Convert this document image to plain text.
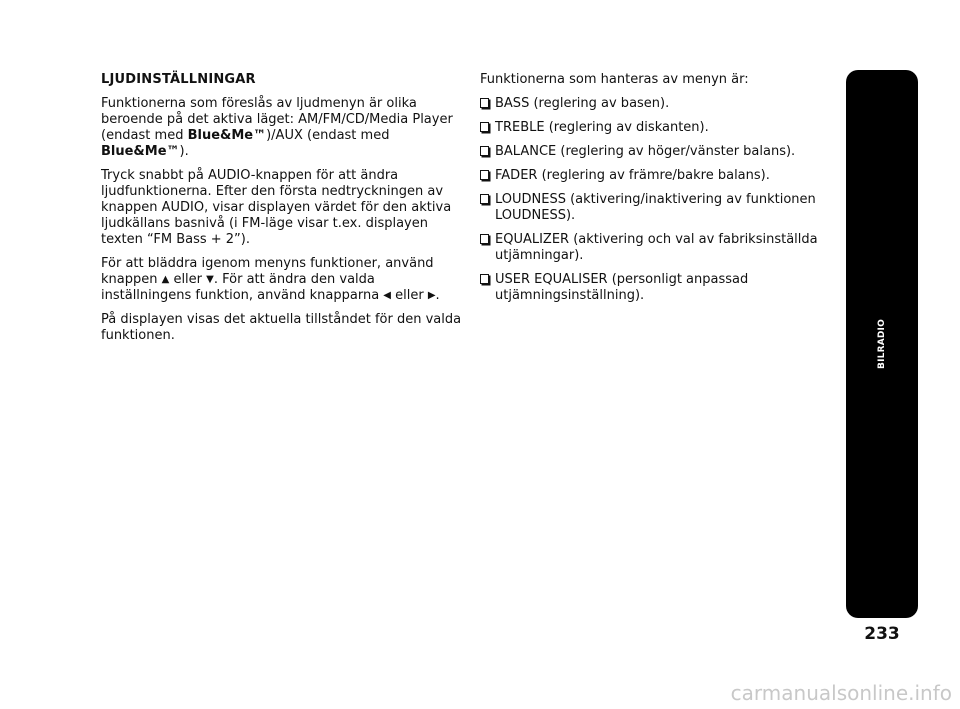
LJUDINSTÄLLNINGAR

Funktionerna som föreslås av ljudmenyn är olika beroende på det aktiva läget: AM/FM/CD/Media Player (endast med Blue&Me™)/AUX (endast med Blue&Me™).

Tryck snabbt på AUDIO-knappen för att ändra ljudfunktionerna. Efter den första nedtryckningen av knappen AUDIO, visar displayen värdet för den aktiva ljudkällans basnivå (i FM-läge visar t.ex. displayen texten “FM Bass + 2”).

För att bläddra igenom menyns funktioner, använd knappen ▲ eller ▼. För att ändra den valda inställningens funktion, använd knapparna ◀ eller ▶.

På displayen visas det aktuella tillståndet för den valda funktionen.

Funktionerna som hanteras av menyn är:

BASS (reglering av basen).
TREBLE (reglering av diskanten).
BALANCE (reglering av höger/vänster balans).
FADER (reglering av främre/bakre balans).
LOUDNESS (aktivering/inaktivering av funktionen LOUDNESS).
EQUALIZER (aktivering och val av fabriksinställda utjämningar).
USER EQUALISER (personligt anpassad utjämningsinställning).
BILRADIO
233
carmanualsonline.info
